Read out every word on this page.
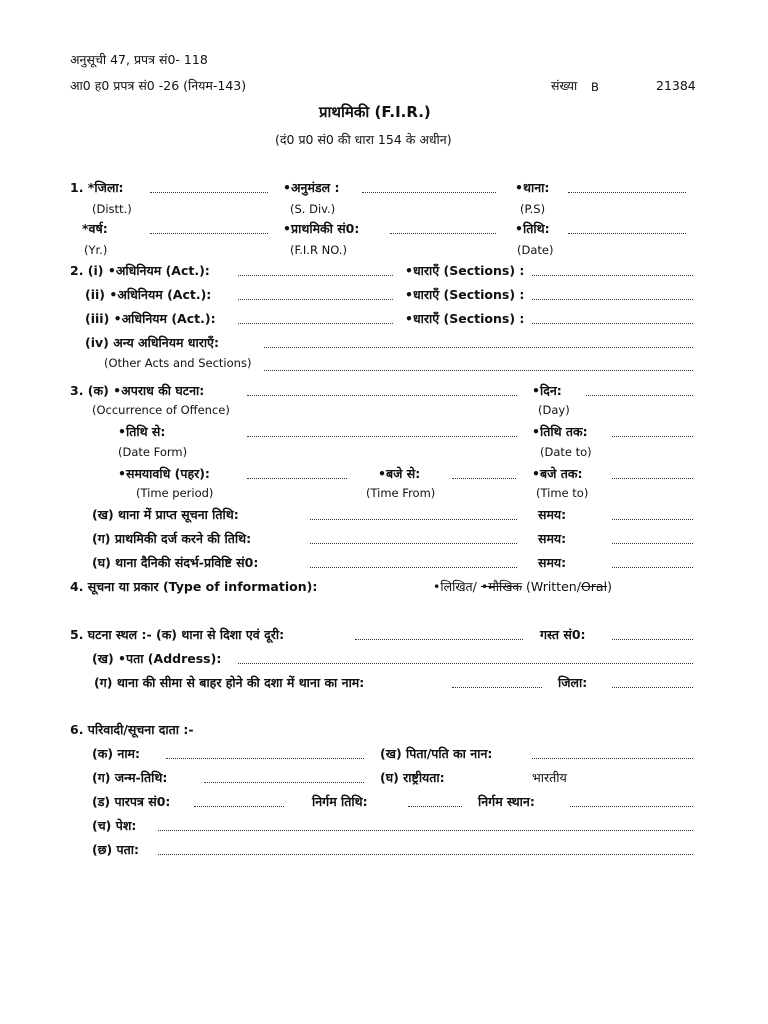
अनुसूची 47, प्रपत्र सं0- 118
आ0 ह0 प्रपत्र सं0 -26 (नियम-143)	संख्या B	21384
प्राथमिकी (F.I.R.)
(दं0 प्र0 सं0 की धारा 154 के अधीन)
1. *जिला:	•अनुमंडल :	•थाना:
(Distt.)	(S. Div.)	(P.S)
*वर्ष:	•प्राथमिकी सं0:	•तिथि:
(Yr.)	(F.I.R NO.)	(Date)
2. (i) •अधिनियम (Act.):	•धाराएँ (Sections) :
(ii) •अधिनियम (Act.):	•धाराएँ (Sections) :
(iii) •अधिनियम (Act.):	•धाराएँ (Sections) :
(iv) अन्य अधिनियम धाराएँ:
(Other Acts and Sections)
3. (क) •अपराध की घटना:	•दिन:
(Occurrence of Offence)	(Day)
•तिथि से:	•तिथि तक:
(Date Form)	(Date to)
•समयावधि (पहर):	•बजे से:	•बजे तक:
(Time period)	(Time From)	(Time to)
(ख) थाना में प्राप्त सूचना तिथि:	समय:
(ग) प्राथमिकी दर्ज करने की तिथि:	समय:
(घ) थाना दैनिकी संदर्भ-प्रविष्टि सं0:	समय:
4. सूचना या प्रकार (Type of information):	•लिखित/ •मौखिक (Written/Oral)
5. घटना स्थल :- (क) थाना से दिशा एवं दूरी:	गस्त सं0:
(ख) •पता (Address):
(ग) थाना की सीमा से बाहर होने की दशा में थाना का नाम:	जिला:
6. परिवादी/सूचना दाता :-
(क) नाम:	(ख) पिता/पति का नान:
(ग) जन्म-तिथि:	(घ) राष्ट्रीयता:	भारतीय
(ड) पारपत्र सं0:	निर्गम तिथि:	निर्गम स्थान:
(च) पेश:
(छ) पता:
